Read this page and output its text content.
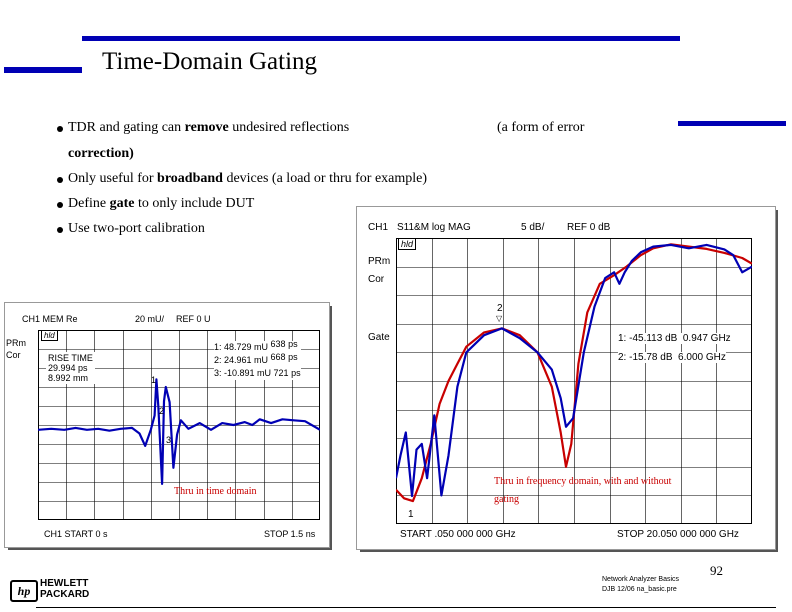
Time-Domain Gating
TDR and gating can remove undesired reflections	(a form of error
correction)
Only useful for broadband devices (a load or thru for example)
Define gate to only include DUT
Use two-port calibration	CH1 S11&M log MAG	5 dB/ REF 0 dB
hld
PRm
Cor
Gate
1
2
▽
1: -45.113 dB 0.947 GHz
2: -15.78 dB 6.000 GHz
Thru in frequency domain, with and without
gating
START .050 000 000 GHz	STOP 20.050 000 000 GHz
CH1 MEM Re	20 mU/ REF 0 U
hld
PRm
Cor	RISE TIME
29.994 ps
8.992 mm
1: 48.729 mU 638 ps
2: 24.961 mU 668 ps
3: -10.891 mU 721 ps
1
2
3
Thru in time domain
CH1 START 0 s	STOP 1.5 ns
hp
HEWLETT
PACKARD
Network Analyzer Basics
DJB 12/06 na_basic.pre
92
